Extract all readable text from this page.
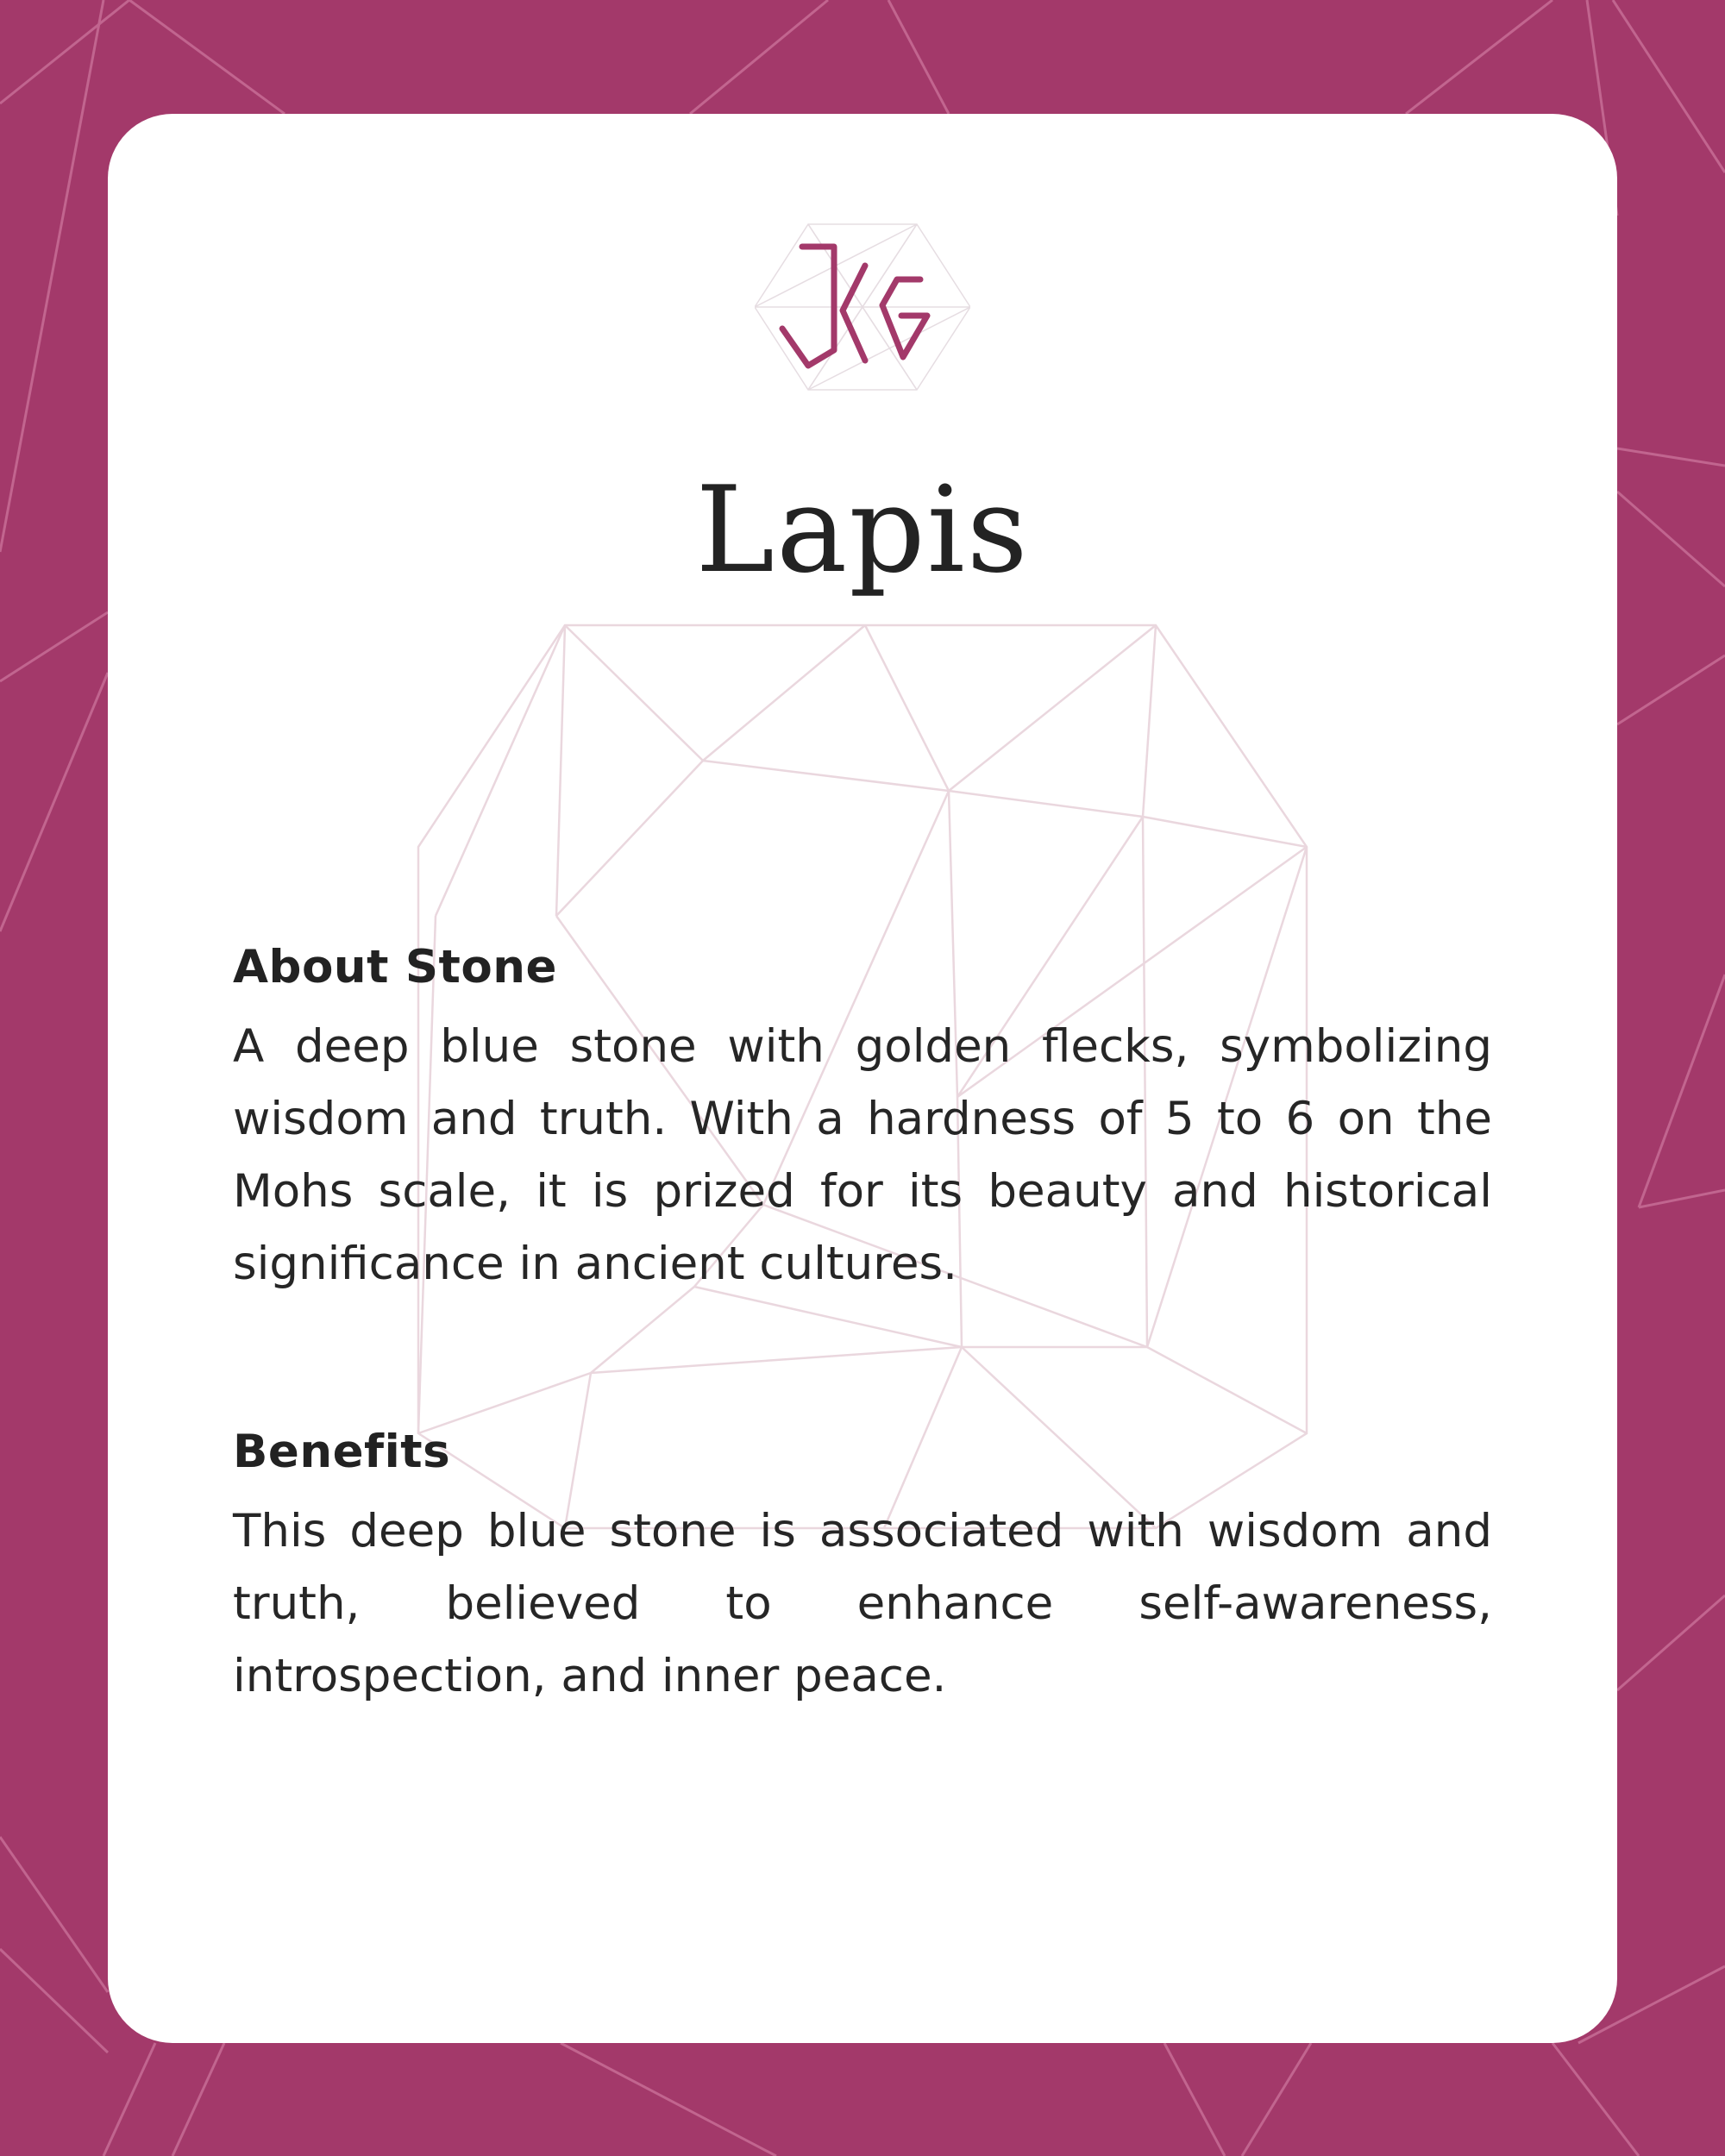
Lapis
About Stone

A deep blue stone with golden flecks, symbolizing wisdom and truth. With a hardness of 5 to 6 on the Mohs scale, it is prized for its beauty and historical significance in ancient cultures.

Benefits

This deep blue stone is associated with wisdom and truth, believed to enhance self-awareness, introspection, and inner peace.
